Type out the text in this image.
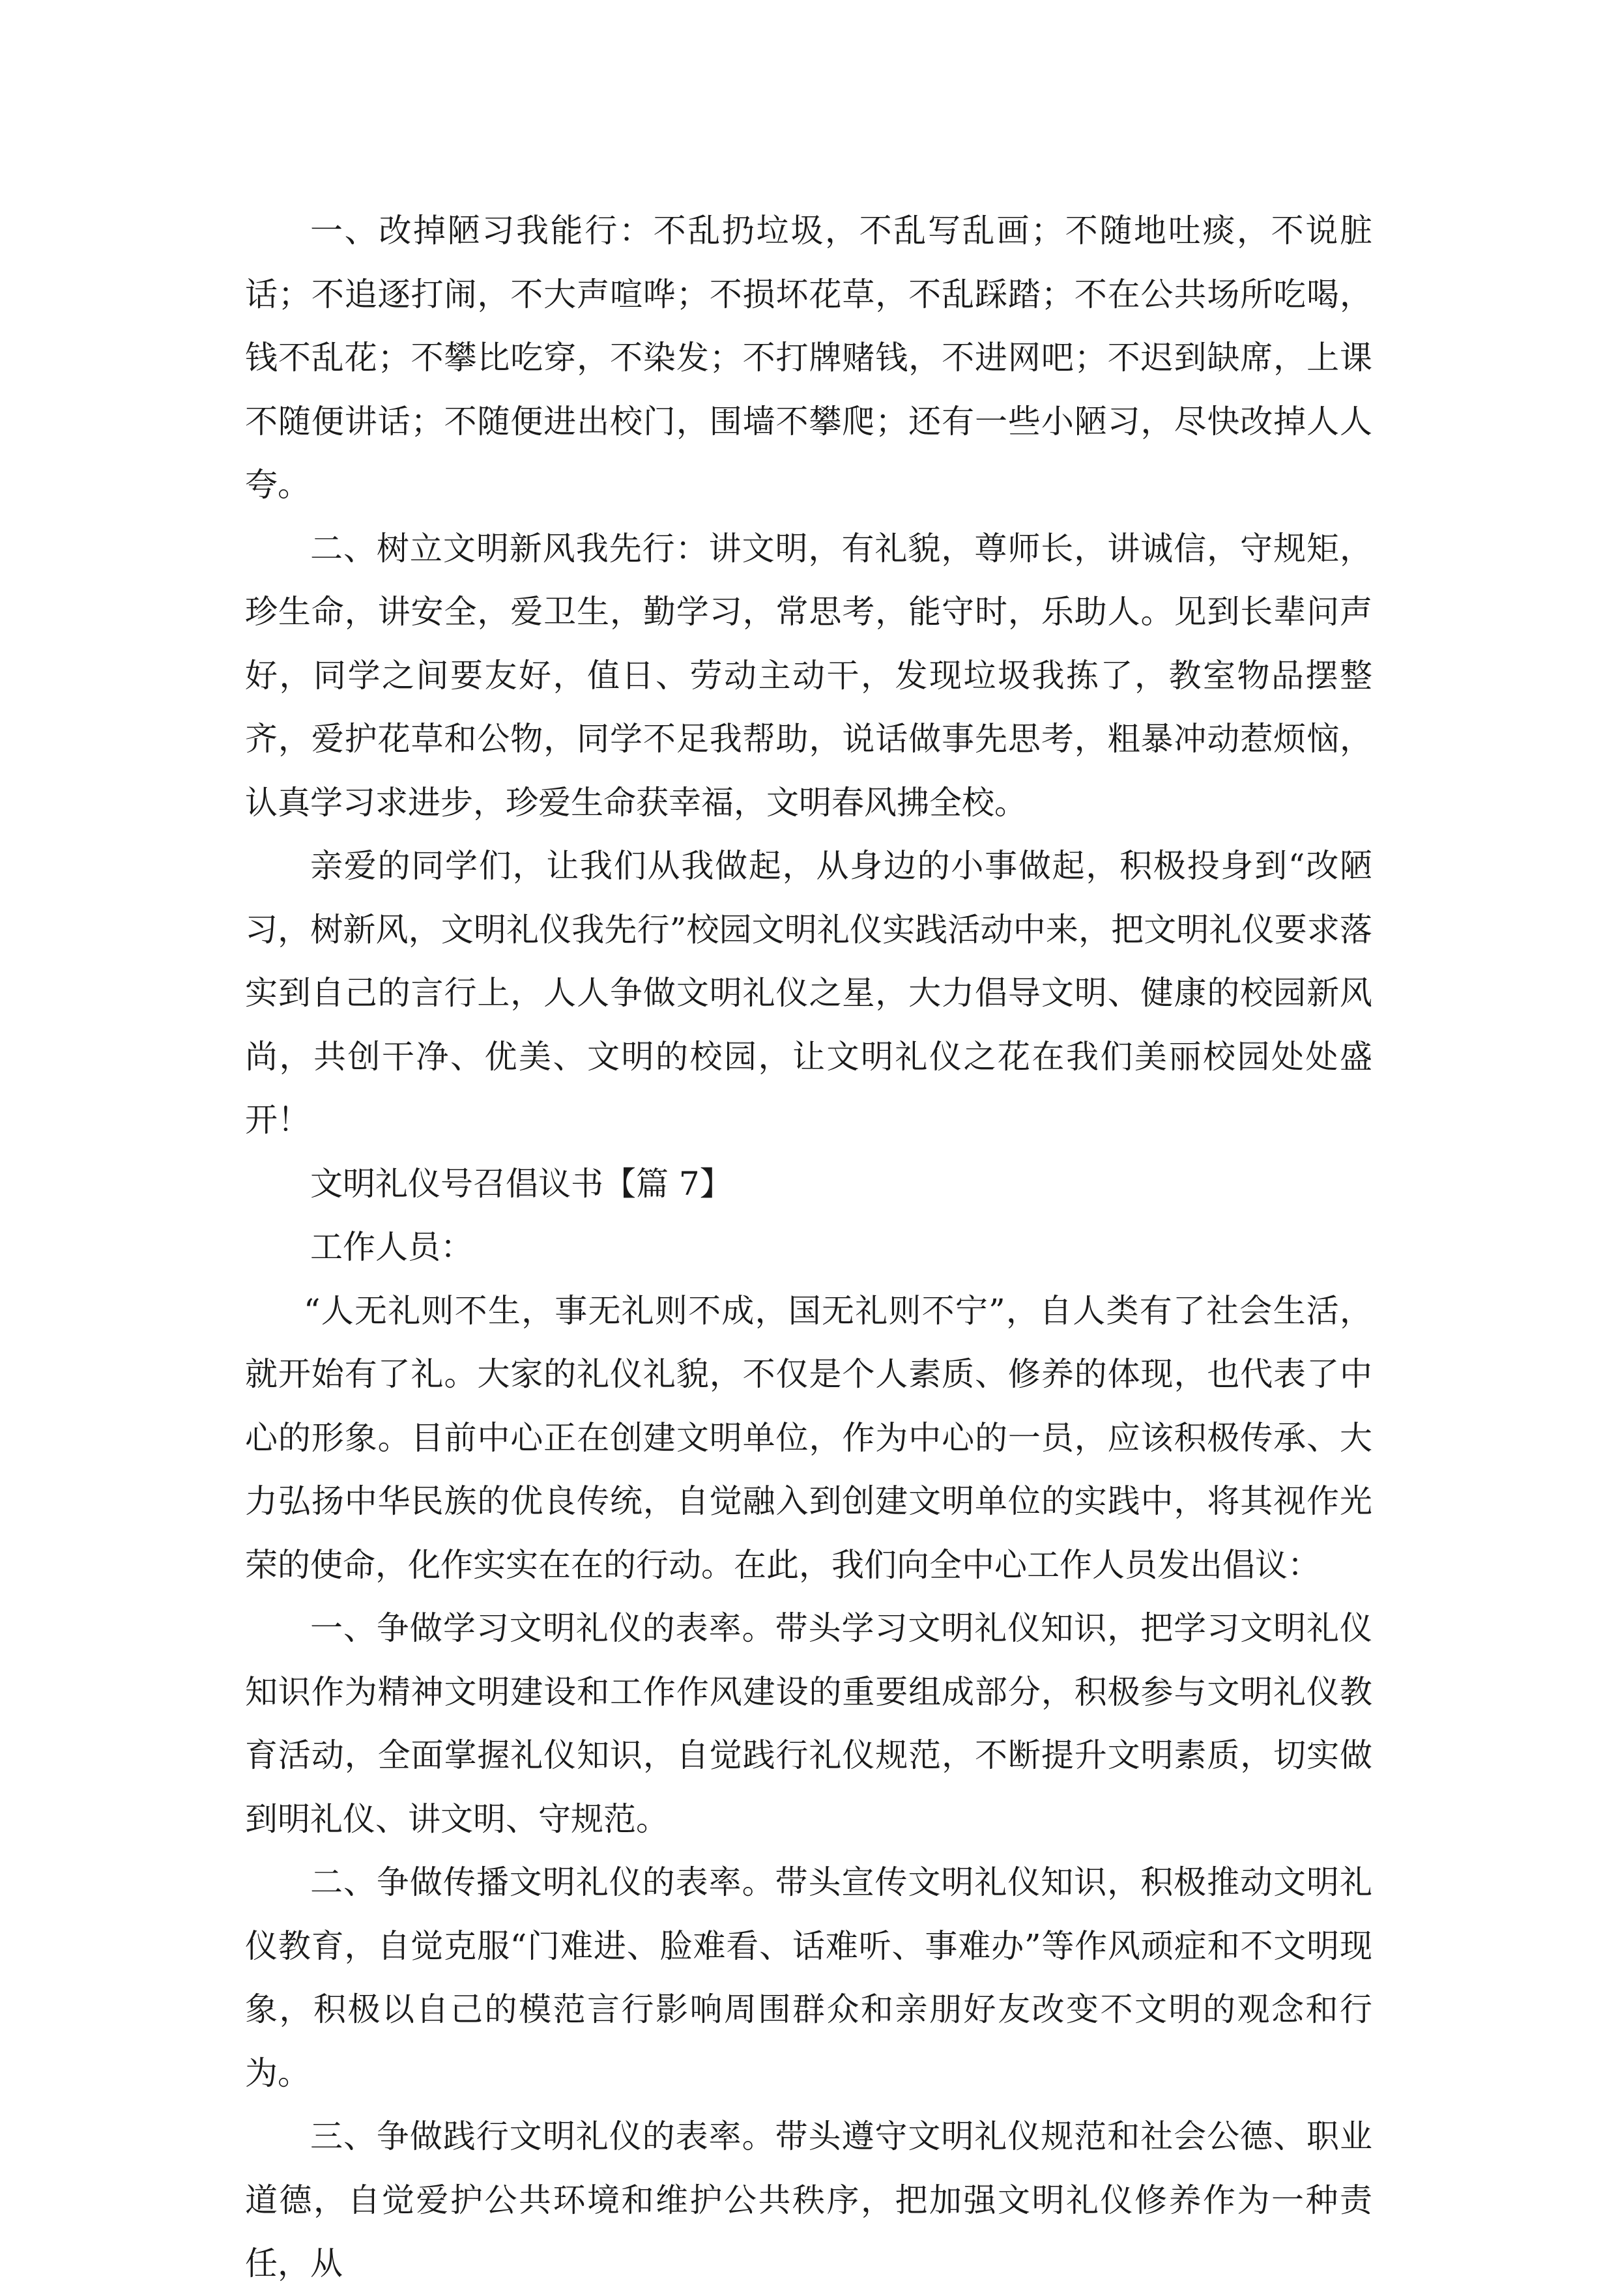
一、改掉陋习我能行：不乱扔垃圾，不乱写乱画；不随地吐痰，不说脏话；不追逐打闹，不大声喧哗；不损坏花草，不乱踩踏；不在公共场所吃喝，钱不乱花；不攀比吃穿，不染发；不打牌赌钱，不进网吧；不迟到缺席，上课不随便讲话；不随便进出校门，围墙不攀爬；还有一些小陋习，尽快改掉人人夸。

二、树立文明新风我先行：讲文明，有礼貌，尊师长，讲诚信，守规矩，珍生命，讲安全，爱卫生，勤学习，常思考，能守时，乐助人。见到长辈问声好，同学之间要友好，值日、劳动主动干，发现垃圾我拣了，教室物品摆整齐，爱护花草和公物，同学不足我帮助，说话做事先思考，粗暴冲动惹烦恼，认真学习求进步，珍爱生命获幸福，文明春风拂全校。

亲爱的同学们，让我们从我做起，从身边的小事做起，积极投身到“改陋习，树新风，文明礼仪我先行”校园文明礼仪实践活动中来，把文明礼仪要求落实到自己的言行上，人人争做文明礼仪之星，大力倡导文明、健康的校园新风尚，共创干净、优美、文明的校园，让文明礼仪之花在我们美丽校园处处盛开！

文明礼仪号召倡议书【篇 7】

工作人员：

“人无礼则不生，事无礼则不成，国无礼则不宁”，自人类有了社会生活，就开始有了礼。大家的礼仪礼貌，不仅是个人素质、修养的体现，也代表了中心的形象。目前中心正在创建文明单位，作为中心的一员，应该积极传承、大力弘扬中华民族的优良传统，自觉融入到创建文明单位的实践中，将其视作光荣的使命，化作实实在在的行动。在此，我们向全中心工作人员发出倡议：

一、争做学习文明礼仪的表率。带头学习文明礼仪知识，把学习文明礼仪知识作为精神文明建设和工作作风建设的重要组成部分，积极参与文明礼仪教育活动，全面掌握礼仪知识，自觉践行礼仪规范，不断提升文明素质，切实做到明礼仪、讲文明、守规范。

二、争做传播文明礼仪的表率。带头宣传文明礼仪知识，积极推动文明礼仪教育，自觉克服“门难进、脸难看、话难听、事难办”等作风顽症和不文明现象，积极以自己的模范言行影响周围群众和亲朋好友改变不文明的观念和行为。

三、争做践行文明礼仪的表率。带头遵守文明礼仪规范和社会公德、职业道德，自觉爱护公共环境和维护公共秩序，把加强文明礼仪修养作为一种责任，从
